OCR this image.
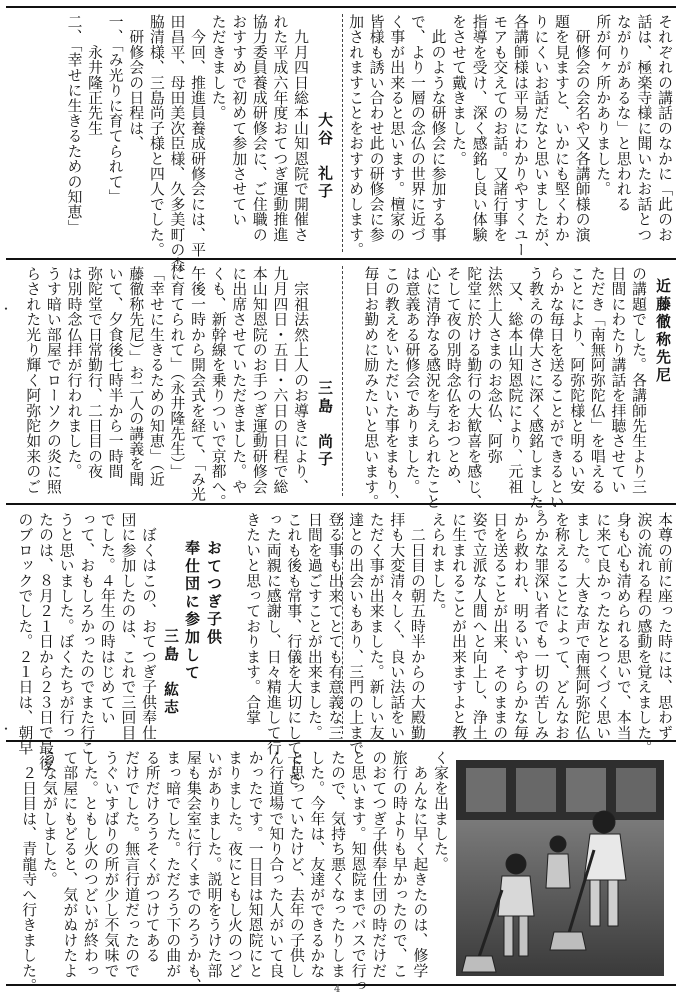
・
・
それぞれの講話のなかに「此のお
話は、極楽寺様に聞いたお話とつ
ながりがあるな」と思われる
所が何ヶ所かありました。
　研修会の会名や又各講師様の演
題を見ますと、いかにも堅くわか
りにくいお話だなと思いましたが、
各講師様は平易にわかりやすくユー
モアも交えてのお話。又諸行事を
指導を受け、深く感銘し良い体験
をさせて戴きました。
　此のような研修会に参加する事
で、より一層の念仏の世界に近づ
く事が出来ると思います。檀家の
皆様も誘い合わせ此の研修会に参
加されますことをおすすめします。
大谷　礼子
　九月四日総本山知恩院で開催さ
れた平成六年度おてつぎ運動推進
協力委員養成研修会に、ご住職の
おすすめで初めて参加させてい
ただきました。
　今回、推進員養成研修会には、平
田昌平、母田美次臣様、久多美町の森
脇清様、三島尚子様と四人でした。
　研修会の日程は、
一、「み光りに育てられて」
　　永井隆正先生
二、「幸せに生きるための知恵」
近藤徹称先尼
の講題でした。各講師先生より三
日間にわたり講話を拝聴させてい
ただき「南無阿弥陀仏」を唱える
ことにより、阿弥陀様と明るい安
らかな毎日を送ることができるとい
う教えの偉大さに深く感銘しました。
　又、総本山知恩院により、元祖
法然上人さまのお念仏、阿弥
陀堂に於ける勤行の大歓喜を感じ、
そして夜の別時念仏をおつとめ、
心に清浄なる感況を与えられたこと
は意義ある研修会でありました。
この教えをいただいた事をまもり、
毎日お勤めに励みたいと思います。
三島　尚子
　宗祖法然上人のお導きにより、
九月四日・五日・六日の日程で総
本山知恩院のお手つぎ運動研修会
に出席させていただきました。や
くも、新幹線を乗りついで京都へ。
午後一時から開会式を経て、「み光
に育てられて」（永井隆先生）」
「幸せに生きるための知恵」（近
藤徹称先尼）」お二人の講義を聞
いて、夕食後七時半から一時間
弥陀堂で日常勤行、二日目の夜
は別時念仏拝が行われました。
うす暗い部屋でローソクの炎に照
らされた光り輝く阿弥陀如来のご
本尊の前に座った時には、思わず
涙の流れる程の感動を覚えました。
身も心も清められる思いで、本当
に来て良かったなとつくづく思い
ました。大きな声で南無阿弥陀仏
を称えることによって、どんなお
ろかな罪深い者でも一切の苦しみ
から救われ、明るいやすらかな毎
日を送ることが出来、そのままの
姿で立派な人間へと向上し、浄土
に生まれることが出来ますよと教
えられました。
　二日目の朝五時半からの大殿勤
拝も大変清々しく、良い法話をい
ただく事が出来ました。新しい友
達との出会いもあり、三門の上まで
登る事も出来てとても有意義な三
日間を過ごすことが出来ました。
これも後も常事、行儀を大切にして下さ
った両親に感謝し、日々精進して行
きたいと思っております。合掌
おてつぎ子供
奉仕団に参加して
三島　紘志
　ぼくはこの、おてつぎ子供奉仕
団に参加したのは、これで三回目
でした。４年生の時はじめてい
って、おもしろかったのでまた行こ
うと思いました。ぼくたちが行っ
たのは、８月２１日から２３日で最後
のブロックでした。２１日は、朝早
く家を出ました。
　あんなに早く起きたのは、修学
旅行の時よりも早かったので、こ
のおてつぎ子供奉仕団の時だけだ
と思います。知恩院までバスで行っ
たので、気持ち悪くなったりしま
した。今年は、友達ができるかな
と思っていたけど、去年の子供し
ん行道場で知り合った人がいて良
かったです。一日目は知恩院にと
まりました。夜にともし火のつど
いがありました。説明をうけた部
屋も集会室に行くまでのろうかも、
まっ暗でした。ただろう下の曲が
る所だけろうそくがつけてある
だけでした。無言行道だったので
うぐいすばりの所が少し不気味で
した。ともし火のつどいが終わっ
て部屋にもどると、気がぬけたよ
うな気がしました。
　２日目は、青龍寺へ行きました。	4
